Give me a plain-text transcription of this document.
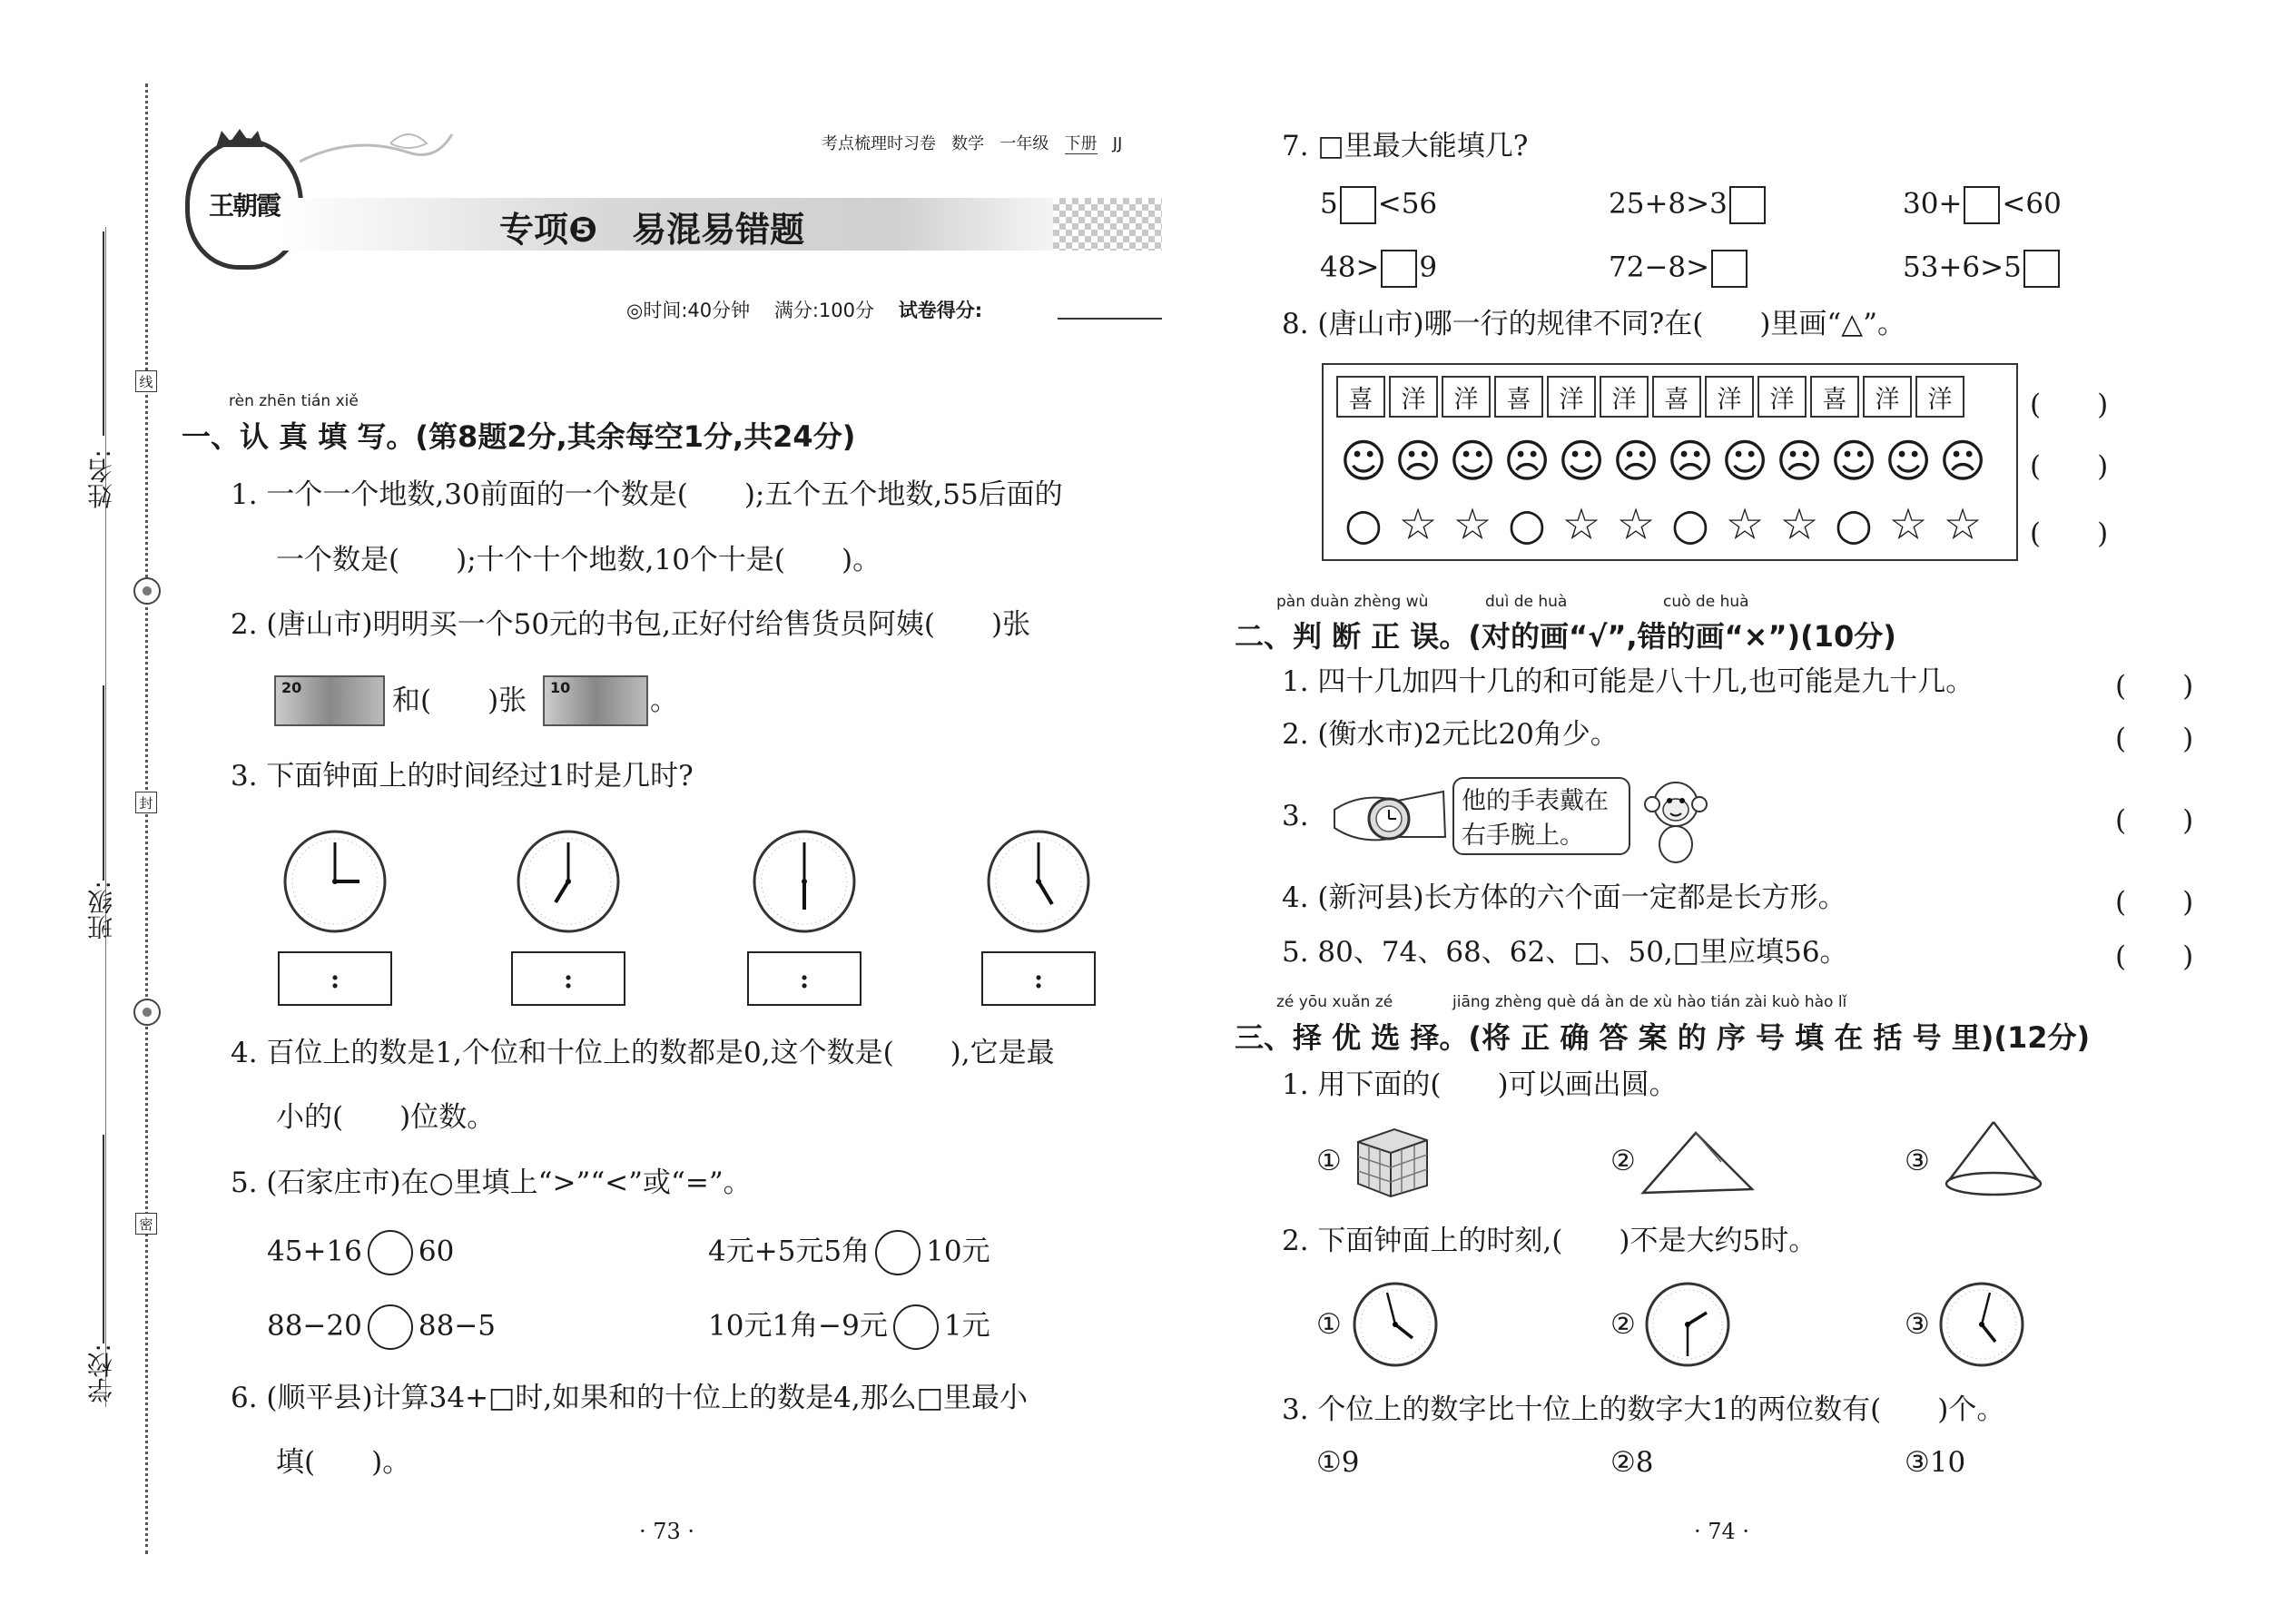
姓名:
班级:
学校:
线
封
密
王朝霞
考点梳理时习卷 数学 一年级 下册 JJ
专项❺　易混易错题
◎时间:40分钟 满分:100分 试卷得分:
rèn zhēn tián xiě
一、认 真 填 写。(第8题2分,其余每空1分,共24分)
1. 一个一个地数,30前面的一个数是(　　);五个五个地数,55后面的
一个数是(　　);十个十个地数,10个十是(　　)。
2. (唐山市)明明买一个50元的书包,正好付给售货员阿姨(　　)张
20	和(　　)张 10	。
3. 下面钟面上的时间经过1时是几时?
:	:	:	:
4. 百位上的数是1,个位和十位上的数都是0,这个数是(　　),它是最
小的(　　)位数。
5. (石家庄市)在○里填上“>”“<”或“=”。
45+16 60	4元+5元5角 10元
88−20 88−5	10元1角−9元 1元
6. (顺平县)计算34+□时,如果和的十位上的数是4,那么□里最小
填(　　)。
· 73 ·
7. □里最大能填几?
5 <56	25+8>3	30+ <60
48> 9	72−8>	53+6>5
8. (唐山市)哪一行的规律不同?在(　　)里画“△”。
喜 洋 洋 喜 洋 洋 喜 洋 洋 喜 洋 洋
☺ ☹ ☺ ☹ ☺ ☹ ☹ ☺ ☹ ☺ ☺ ☹
○ ☆ ☆ ○ ☆ ☆ ○ ☆ ☆ ○ ☆ ☆
(　　)
(　　)
(　　)
pàn duàn zhèng wù	duì de huà	cuò de huà
二、判 断 正 误。(对的画“√”,错的画“×”)(10分)
1. 四十几加四十几的和可能是八十几,也可能是九十几。	(　　)
2. (衡水市)2元比20角少。	(　　)
3.	他的手表戴在
右手腕上。	(　　)
4. (新河县)长方体的六个面一定都是长方形。	(　　)
5. 80、74、68、62、□、50,□里应填56。	(　　)
zé yōu xuǎn zé	jiāng zhèng què dá àn de xù hào tián zài kuò hào lǐ
三、择 优 选 择。(将 正 确 答 案 的 序 号 填 在 括 号 里)(12分)
1. 用下面的(　　)可以画出圆。
①	②	③
2. 下面钟面上的时刻,(　　)不是大约5时。
①	②	③
3. 个位上的数字比十位上的数字大1的两位数有(　　)个。
①9	②8	③10
· 74 ·
